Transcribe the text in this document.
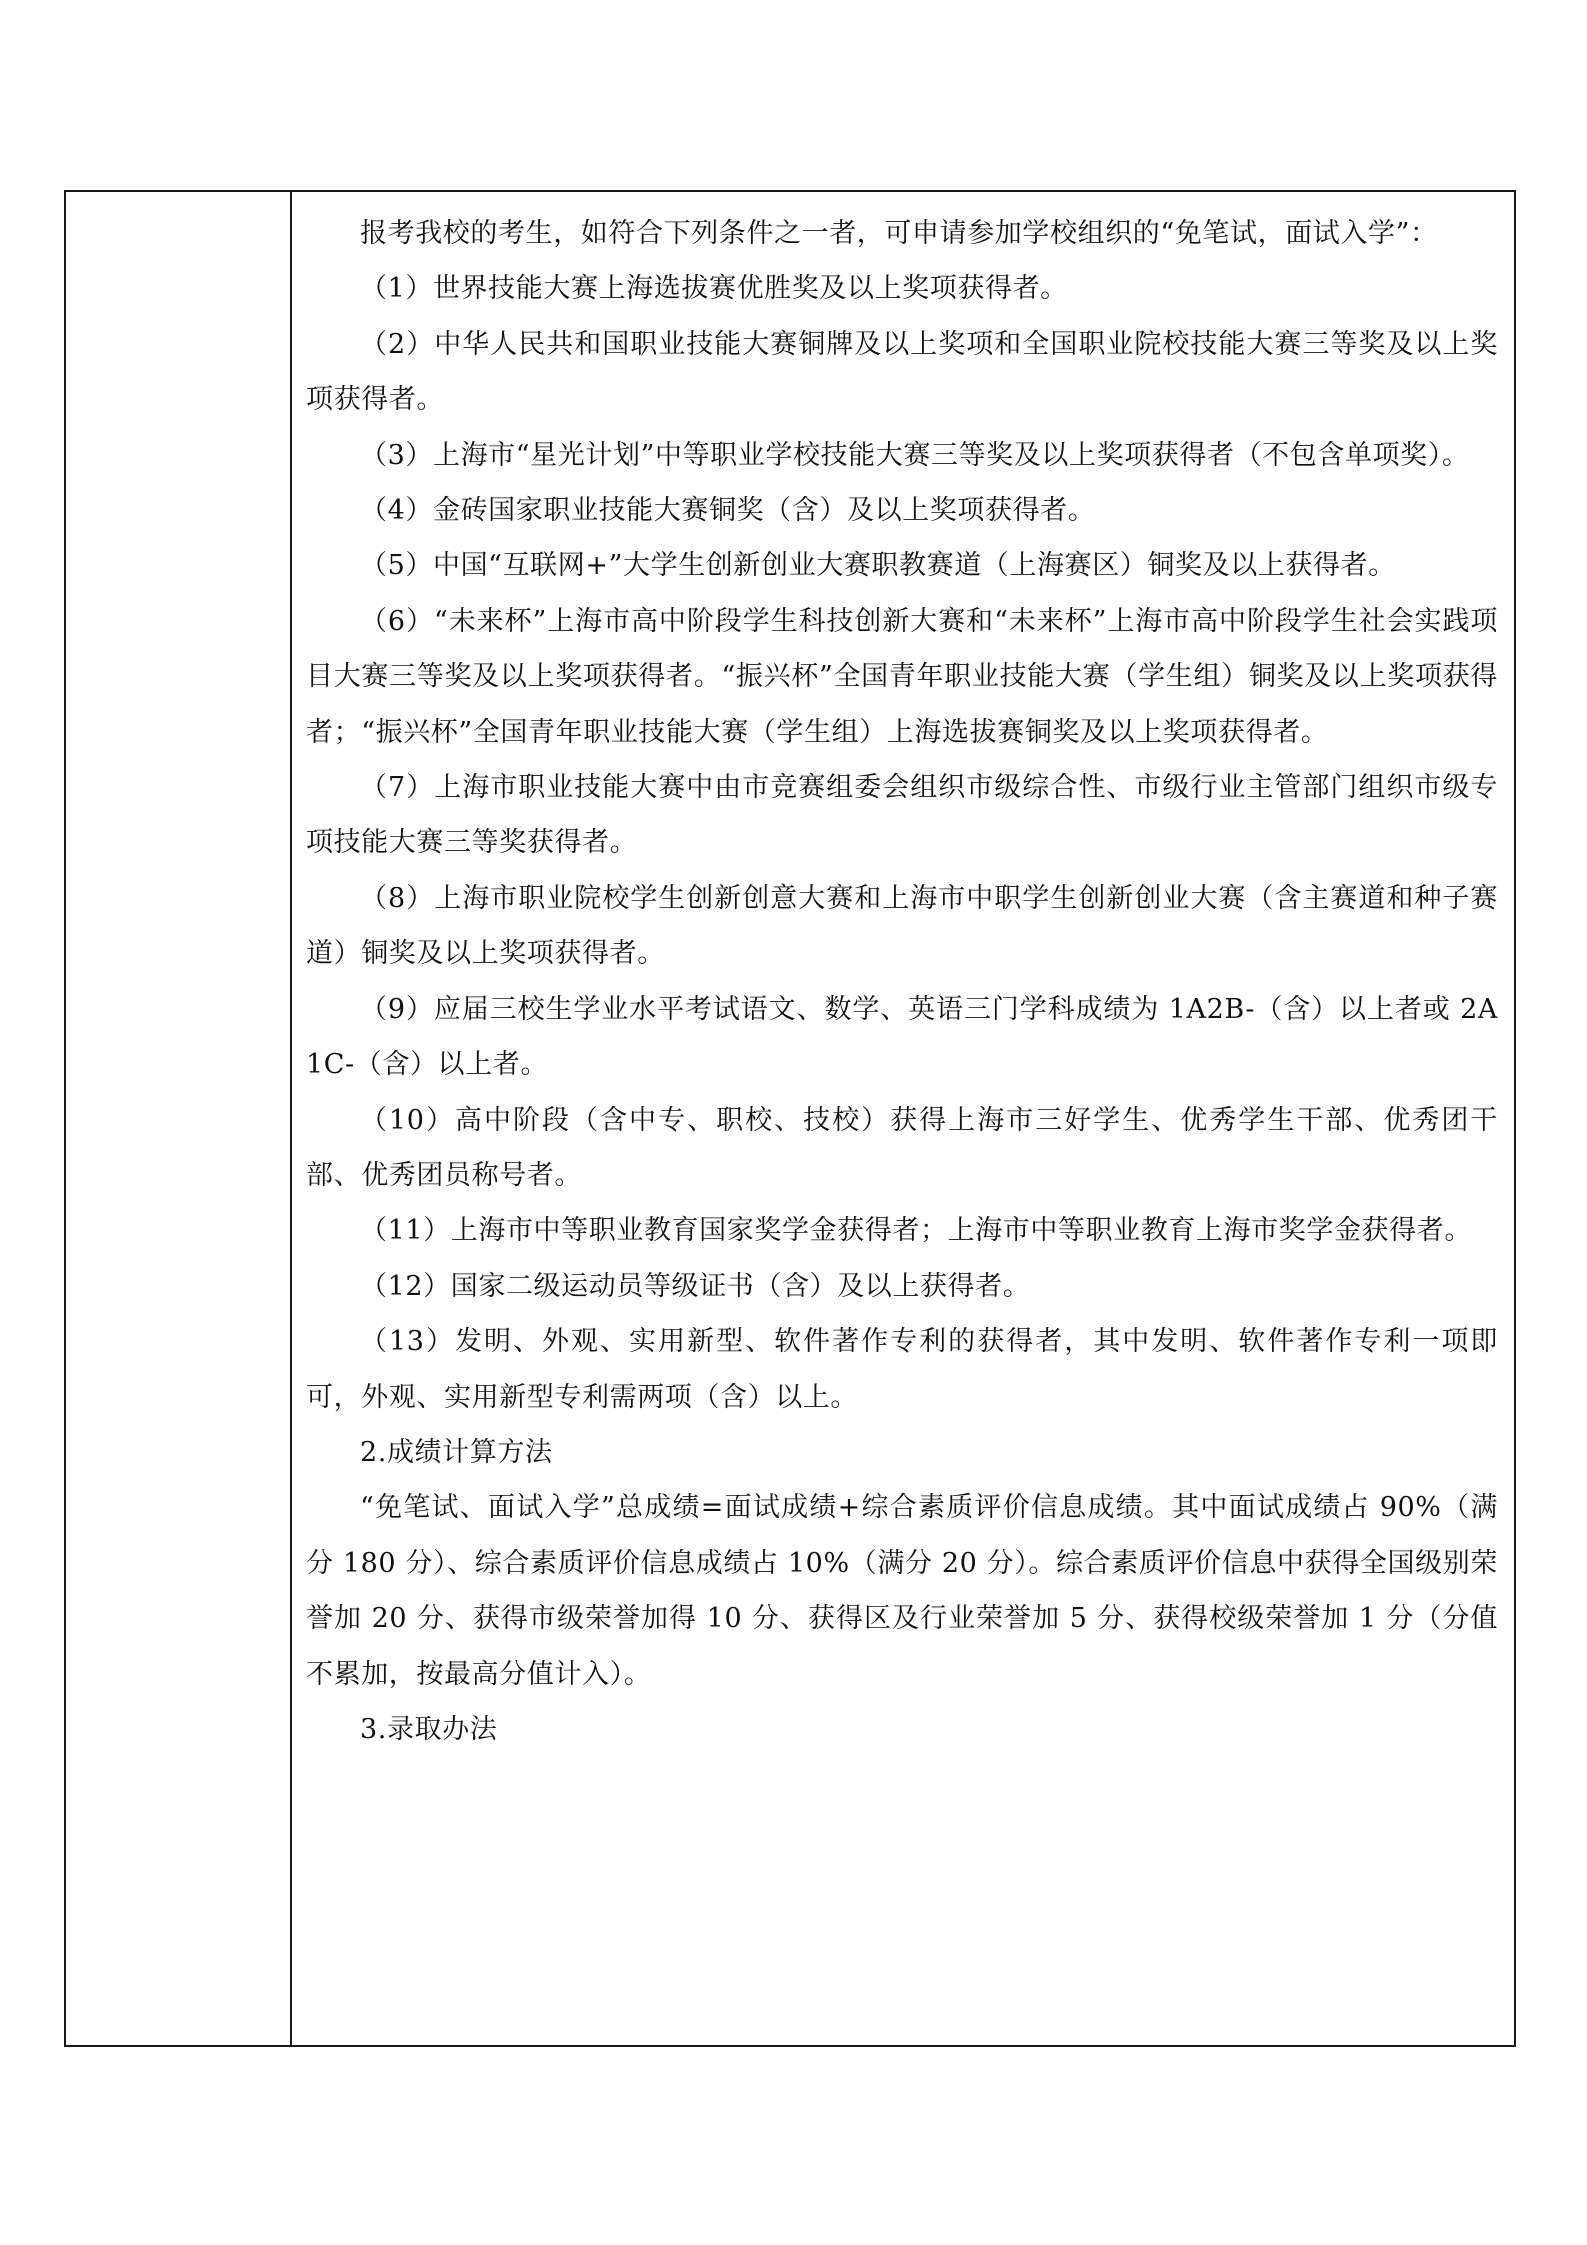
报考我校的考生，如符合下列条件之一者，可申请参加学校组织的“免笔试，面试入学”：

（1）世界技能大赛上海选拔赛优胜奖及以上奖项获得者。

（2）中华人民共和国职业技能大赛铜牌及以上奖项和全国职业院校技能大赛三等奖及以上奖项获得者。

（3）上海市“星光计划”中等职业学校技能大赛三等奖及以上奖项获得者（不包含单项奖）。

（4）金砖国家职业技能大赛铜奖（含）及以上奖项获得者。

（5）中国“互联网+”大学生创新创业大赛职教赛道（上海赛区）铜奖及以上获得者。

（6）“未来杯”上海市高中阶段学生科技创新大赛和“未来杯”上海市高中阶段学生社会实践项目大赛三等奖及以上奖项获得者。“振兴杯”全国青年职业技能大赛（学生组）铜奖及以上奖项获得者；“振兴杯”全国青年职业技能大赛（学生组）上海选拔赛铜奖及以上奖项获得者。

（7）上海市职业技能大赛中由市竞赛组委会组织市级综合性、市级行业主管部门组织市级专项技能大赛三等奖获得者。

（8）上海市职业院校学生创新创意大赛和上海市中职学生创新创业大赛（含主赛道和种子赛道）铜奖及以上奖项获得者。

（9）应届三校生学业水平考试语文、数学、英语三门学科成绩为 1A2B-（含）以上者或 2A1C-（含）以上者。

（10）高中阶段（含中专、职校、技校）获得上海市三好学生、优秀学生干部、优秀团干部、优秀团员称号者。

（11）上海市中等职业教育国家奖学金获得者；上海市中等职业教育上海市奖学金获得者。

（12）国家二级运动员等级证书（含）及以上获得者。

（13）发明、外观、实用新型、软件著作专利的获得者，其中发明、软件著作专利一项即可，外观、实用新型专利需两项（含）以上。

2.成绩计算方法

“免笔试、面试入学”总成绩=面试成绩+综合素质评价信息成绩。其中面试成绩占 90%（满分 180 分）、综合素质评价信息成绩占 10%（满分 20 分）。综合素质评价信息中获得全国级别荣誉加 20 分、获得市级荣誉加得 10 分、获得区及行业荣誉加 5 分、获得校级荣誉加 1 分（分值不累加，按最高分值计入）。

3.录取办法
